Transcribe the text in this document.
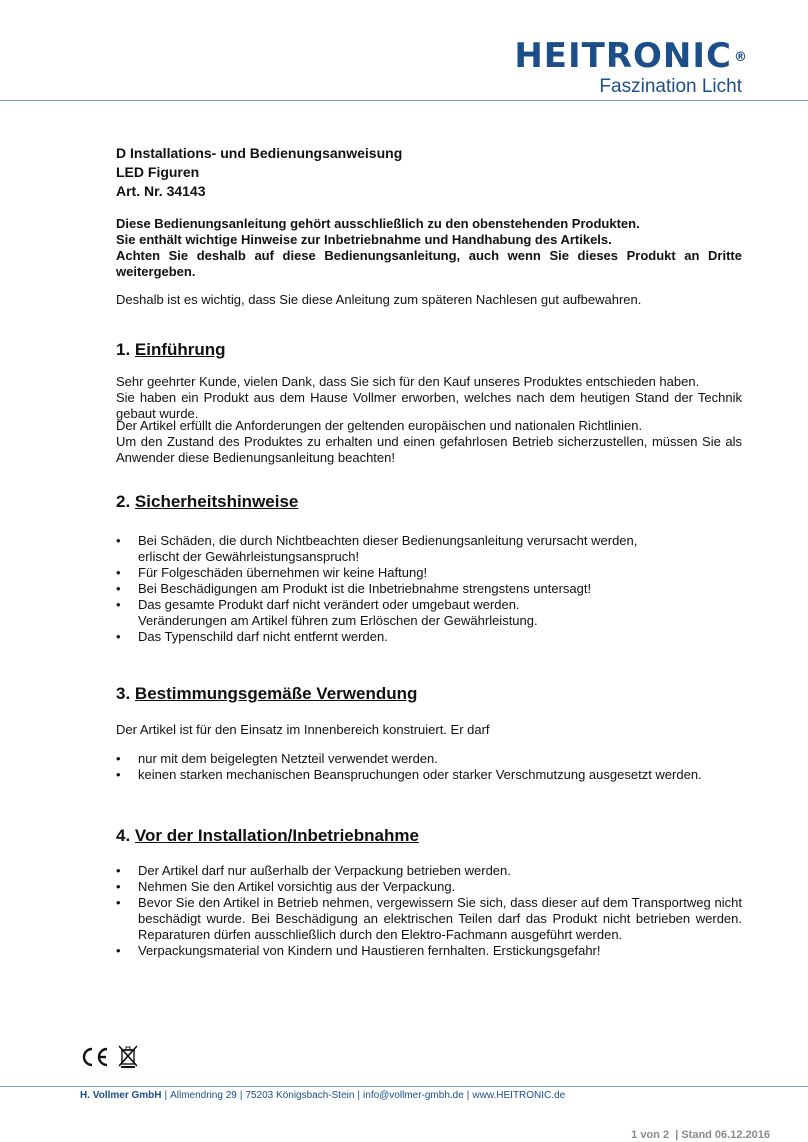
HEITRONIC ®
Faszination Licht
D Installations- und Bedienungsanweisung
LED Figuren
Art. Nr. 34143
Diese Bedienungsanleitung gehört ausschließlich zu den obenstehenden Produkten.
Sie enthält wichtige Hinweise zur Inbetriebnahme und Handhabung des Artikels.
Achten Sie deshalb auf diese Bedienungsanleitung, auch wenn Sie dieses Produkt an Dritte weitergeben.
Deshalb ist es wichtig, dass Sie diese Anleitung zum späteren Nachlesen gut aufbewahren.
1. Einführung
Sehr geehrter Kunde, vielen Dank, dass Sie sich für den Kauf unseres Produktes entschieden haben.
Sie haben ein Produkt aus dem Hause Vollmer erworben, welches nach dem heutigen Stand der Technik gebaut wurde.
Der Artikel erfüllt die Anforderungen der geltenden europäischen und nationalen Richtlinien.
Um den Zustand des Produktes zu erhalten und einen gefahrlosen Betrieb sicherzustellen, müssen Sie als Anwender diese Bedienungsanleitung beachten!
2. Sicherheitshinweise
• Bei Schäden, die durch Nichtbeachten dieser Bedienungsanleitung verursacht werden,
erlischt der Gewährleistungsanspruch!
• Für Folgeschäden übernehmen wir keine Haftung!
• Bei Beschädigungen am Produkt ist die Inbetriebnahme strengstens untersagt!
• Das gesamte Produkt darf nicht verändert oder umgebaut werden.
Veränderungen am Artikel führen zum Erlöschen der Gewährleistung.
• Das Typenschild darf nicht entfernt werden.
3. Bestimmungsgemäße Verwendung
Der Artikel ist für den Einsatz im Innenbereich konstruiert. Er darf
• nur mit dem beigelegten Netzteil verwendet werden.
• keinen starken mechanischen Beanspruchungen oder starker Verschmutzung ausgesetzt werden.
4. Vor der Installation/Inbetriebnahme
• Der Artikel darf nur außerhalb der Verpackung betrieben werden.
• Nehmen Sie den Artikel vorsichtig aus der Verpackung.
• Bevor Sie den Artikel in Betrieb nehmen, vergewissern Sie sich, dass dieser auf dem Transportweg nicht beschädigt wurde. Bei Beschädigung an elektrischen Teilen darf das Produkt nicht betrieben werden. Reparaturen dürfen ausschließlich durch den Elektro-Fachmann ausgeführt werden.
• Verpackungsmaterial von Kindern und Haustieren fernhalten. Erstickungsgefahr!
H. Vollmer GmbH | Allmendring 29 | 75203 Königsbach-Stein | info@vollmer-gmbh.de | www.HEITRONIC.de
1 von 2 | Stand 06.12.2016
